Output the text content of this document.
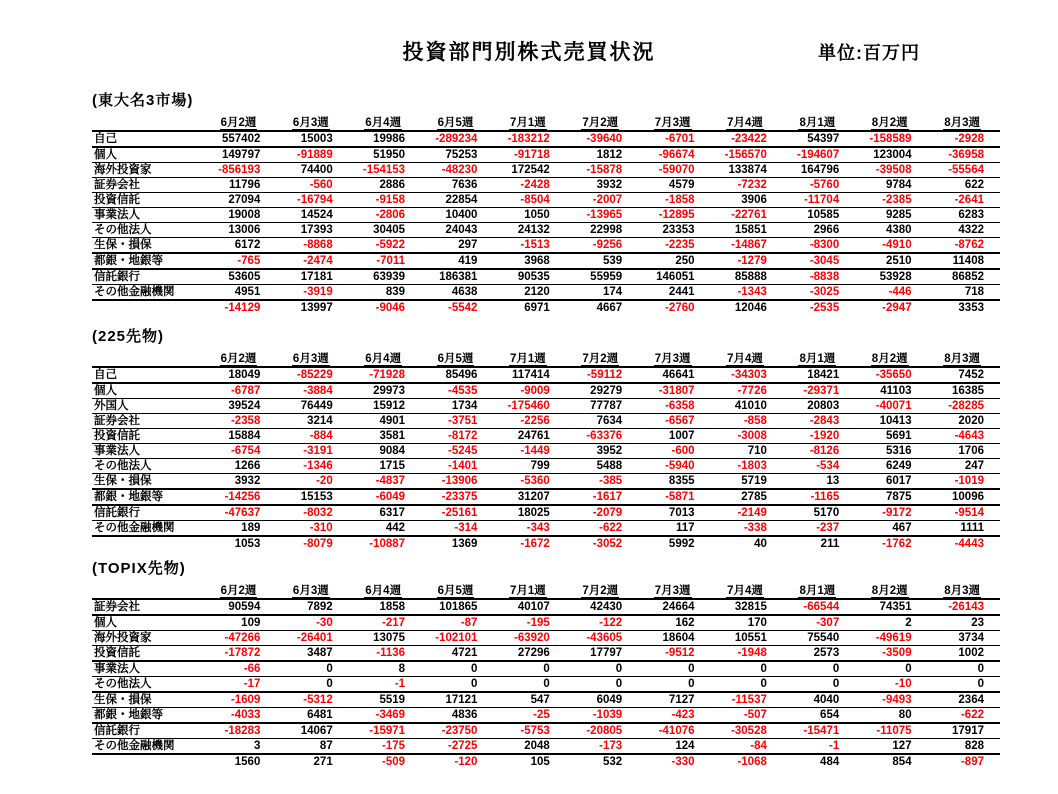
投資部門別株式売買状況	単位:百万円
(東大名3市場)
	6月2週	6月3週	6月4週	6月5週	7月1週	7月2週	7月3週	7月4週	8月1週	8月2週	8月3週
自己	557402	15003	19986	-289234	-183212	-39640	-6701	-23422	54397	-158589	-2928
個人	149797	-91889	51950	75253	-91718	1812	-96674	-156570	-194607	123004	-36958
海外投資家	-856193	74400	-154153	-48230	172542	-15878	-59070	133874	164796	-39508	-55564
証券会社	11796	-560	2886	7636	-2428	3932	4579	-7232	-5760	9784	622
投資信託	27094	-16794	-9158	22854	-8504	-2007	-1858	3906	-11704	-2385	-2641
事業法人	19008	14524	-2806	10400	1050	-13965	-12895	-22761	10585	9285	6283
その他法人	13006	17393	30405	24043	24132	22998	23353	15851	2966	4380	4322
生保・損保	6172	-8868	-5922	297	-1513	-9256	-2235	-14867	-8300	-4910	-8762
都銀・地銀等	-765	-2474	-7011	419	3968	539	250	-1279	-3045	2510	11408
信託銀行	53605	17181	63939	186381	90535	55959	146051	85888	-8838	53928	86852
その他金融機関	4951	-3919	839	4638	2120	174	2441	-1343	-3025	-446	718
	-14129	13997	-9046	-5542	6971	4667	-2760	12046	-2535	-2947	3353
(225先物)
	6月2週	6月3週	6月4週	6月5週	7月1週	7月2週	7月3週	7月4週	8月1週	8月2週	8月3週
自己	18049	-85229	-71928	85496	117414	-59112	46641	-34303	18421	-35650	7452
個人	-6787	-3884	29973	-4535	-9009	29279	-31807	-7726	-29371	41103	16385
外国人	39524	76449	15912	1734	-175460	77787	-6358	41010	20803	-40071	-28285
証券会社	-2358	3214	4901	-3751	-2256	7634	-6567	-858	-2843	10413	2020
投資信託	15884	-884	3581	-8172	24761	-63376	1007	-3008	-1920	5691	-4643
事業法人	-6754	-3191	9084	-5245	-1449	3952	-600	710	-8126	5316	1706
その他法人	1266	-1346	1715	-1401	799	5488	-5940	-1803	-534	6249	247
生保・損保	3932	-20	-4837	-13906	-5360	-385	8355	5719	13	6017	-1019
都銀・地銀等	-14256	15153	-6049	-23375	31207	-1617	-5871	2785	-1165	7875	10096
信託銀行	-47637	-8032	6317	-25161	18025	-2079	7013	-2149	5170	-9172	-9514
その他金融機関	189	-310	442	-314	-343	-622	117	-338	-237	467	1111
	1053	-8079	-10887	1369	-1672	-3052	5992	40	211	-1762	-4443
(TOPIX先物)
	6月2週	6月3週	6月4週	6月5週	7月1週	7月2週	7月3週	7月4週	8月1週	8月2週	8月3週
証券会社	90594	7892	1858	101865	40107	42430	24664	32815	-66544	74351	-26143
個人	109	-30	-217	-87	-195	-122	162	170	-307	2	23
海外投資家	-47266	-26401	13075	-102101	-63920	-43605	18604	10551	75540	-49619	3734
投資信託	-17872	3487	-1136	4721	27296	17797	-9512	-1948	2573	-3509	1002
事業法人	-66	0	8	0	0	0	0	0	0	0	0
その他法人	-17	0	-1	0	0	0	0	0	0	-10	0
生保・損保	-1609	-5312	5519	17121	547	6049	7127	-11537	4040	-9493	2364
都銀・地銀等	-4033	6481	-3469	4836	-25	-1039	-423	-507	654	80	-622
信託銀行	-18283	14067	-15971	-23750	-5753	-20805	-41076	-30528	-15471	-11075	17917
その他金融機関	3	87	-175	-2725	2048	-173	124	-84	-1	127	828
	1560	271	-509	-120	105	532	-330	-1068	484	854	-897
